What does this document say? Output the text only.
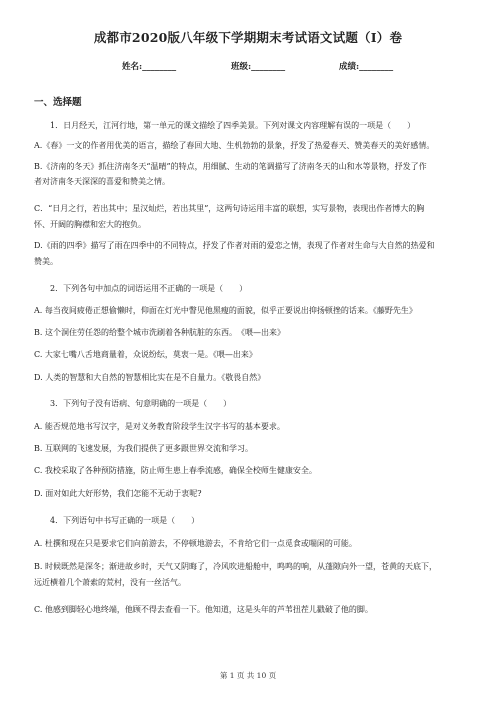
成都市2020版八年级下学期期末考试语文试题（I）卷
姓名:________	班级:________	成绩:________
一、选择题
1．日月经天，江河行地，第一单元的课文描绘了四季美景。下列对课文内容理解有误的一项是（　　）
A.《春》一文的作者用优美的语言，描绘了春回大地、生机勃勃的景象，抒发了热爱春天、赞美春天的美好感情。
B.《济南的冬天》抓住济南冬天“温晴”的特点，用细腻、生动的笔调描写了济南冬天的山和水等景物，抒发了作
者对济南冬天深深的喜爱和赞美之情。
C．“日月之行，若出其中；星汉灿烂，若出其里”，这两句诗运用丰富的联想，实写景物，表现出作者博大的胸
怀、开阔的胸襟和宏大的抱负。
D.《雨的四季》描写了雨在四季中的不同特点，抒发了作者对雨的爱恋之情，表现了作者对生命与大自然的热爱和
赞美。
2．下列各句中加点的词语运用不正确的一项是（　　）
A. 每当夜间疲倦正想偷懒时，仰面在灯光中瞥见他黑瘦的面貌，似乎正要说出抑扬顿挫的话来。《藤野先生》
B. 这个洞住劳任怨的给整个城市洗刷着各种肮脏的东西。　《喂—出来》
C. 大家七嘴八舌地商量着，众说纷纭，莫衷一是。《喂—出来》
D. 人类的智慧和大自然的智慧相比实在是不自量力。《敬畏自然》
3．下列句子没有语病、句意明确的一项是（　　）
A. 能否规范地书写汉字，是对义务教育阶段学生汉字书写的基本要求。
B. 互联网的飞速发展，为我们提供了更多跟世界交流和学习。
C. 我校采取了各种预防措施，防止师生患上春季流感，确保全校师生健康安全。
D. 面对如此大好形势，我们怎能不无动于衷呢?
4．下列语句中书写正确的一项是（　　）
A. 杜撰和现在只是要求它们向前游去，不停顿地游去，不肯给它们一点觅食或喘闲的可能。
B. 时候既然是深冬；渐进故乡时，天气又阴晦了，冷风吹进船舱中，鸣鸣的响，从蓬隙向外一望，苍黄的天底下，
远近横着几个萧索的荒村，没有一丝活气。
C. 他感到脚轻心地终端，他顾不得去查看一下。他知道，这是头年的芦苇扭茬儿戳破了他的脚。
第 1 页 共 10 页
